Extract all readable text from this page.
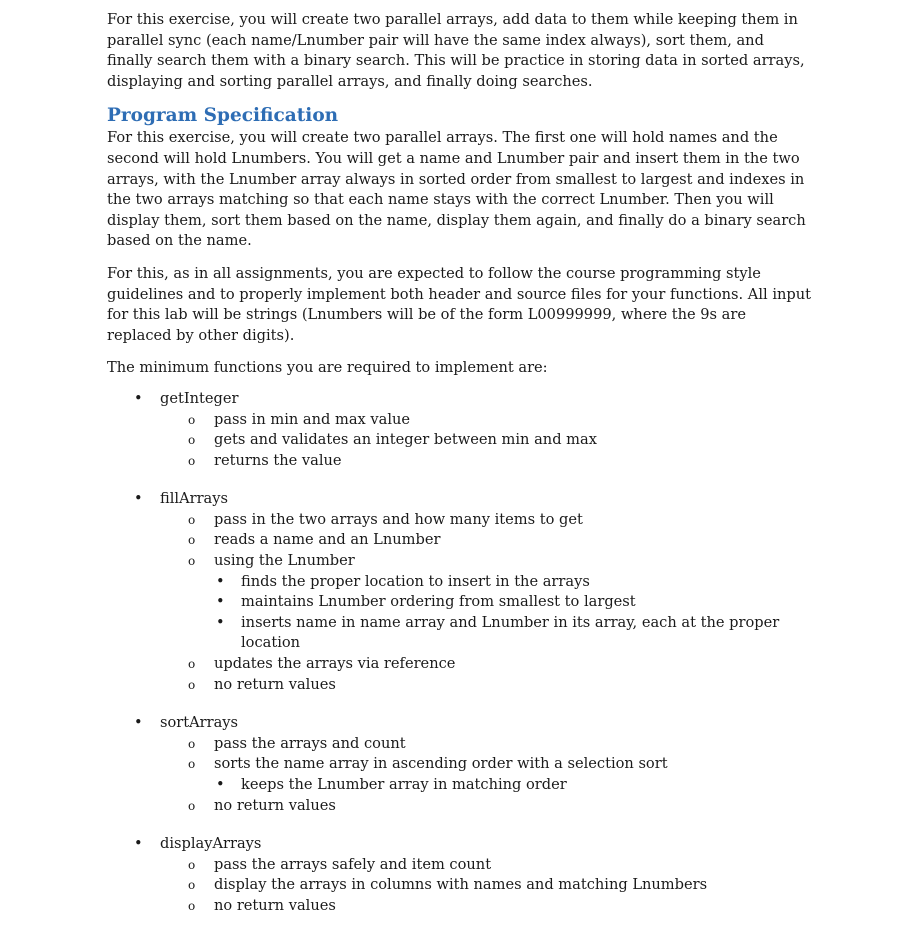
For this exercise, you will create two parallel arrays, add data to them while keeping them in parallel sync (each name/Lnumber pair will have the same index always), sort them, and finally search them with a binary search. This will be practice in storing data in sorted arrays, displaying and sorting parallel arrays, and finally doing searches.

Program Specification

For this exercise, you will create two parallel arrays. The first one will hold names and the second will hold Lnumbers. You will get a name and Lnumber pair and insert them in the two arrays, with the Lnumber array always in sorted order from smallest to largest and indexes in the two arrays matching so that each name stays with the correct Lnumber. Then you will display them, sort them based on the name, display them again, and finally do a binary search based on the name.

For this, as in all assignments, you are expected to follow the course programming style guidelines and to properly implement both header and source files for your functions. All input for this lab will be strings (Lnumbers will be of the form L00999999, where the 9s are replaced by other digits).

The minimum functions you are required to implement are:

• getInteger
o pass in min and max value
o gets and validates an integer between min and max
o returns the value
• fillArrays
o pass in the two arrays and how many items to get
o reads a name and an Lnumber
o using the Lnumber
• finds the proper location to insert in the arrays
• maintains Lnumber ordering from smallest to largest
• inserts name in name array and Lnumber in its array, each at the proper location
o updates the arrays via reference
o no return values
• sortArrays
o pass the arrays and count
o sorts the name array in ascending order with a selection sort
• keeps the Lnumber array in matching order
o no return values
• displayArrays
o pass the arrays safely and item count
o display the arrays in columns with names and matching Lnumbers
o no return values
